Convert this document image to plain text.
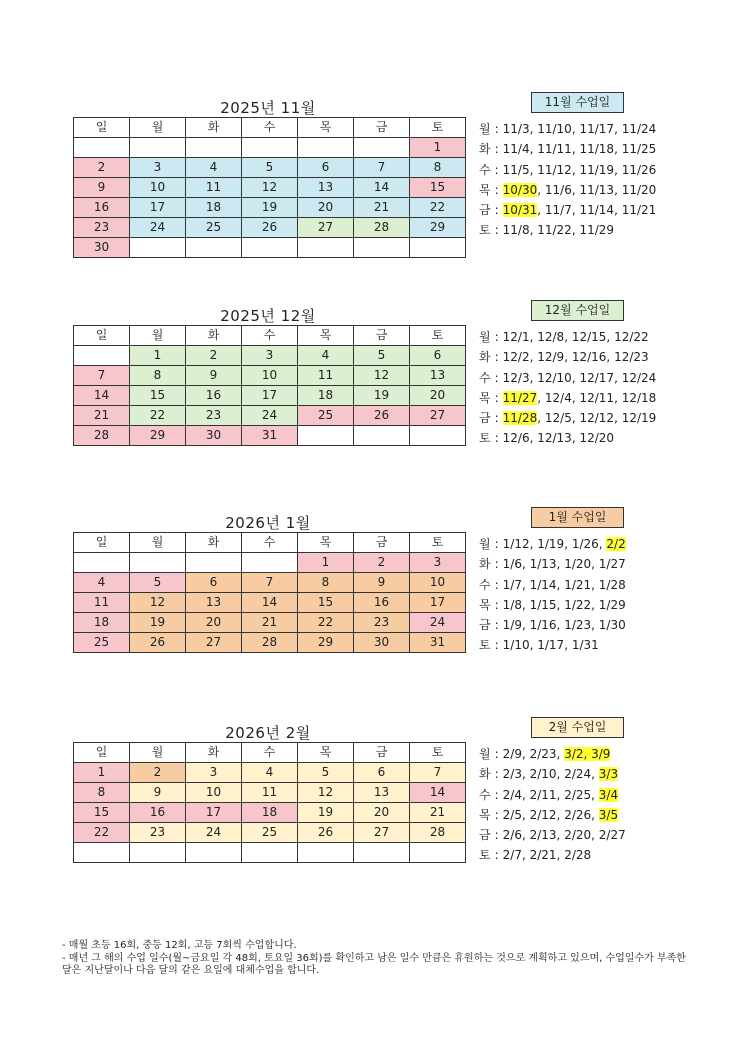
2025년 11월
일	월	화	수	목	금	토
						1
2	3	4	5	6	7	8
9	10	11	12	13	14	15
16	17	18	19	20	21	22
23	24	25	26	27	28	29
30						
11월 수업일
월 : 11/3, 11/10, 11/17, 11/24
화 : 11/4, 11/11, 11/18, 11/25
수 : 11/5, 11/12, 11/19, 11/26
목 : 10/30, 11/6, 11/13, 11/20
금 : 10/31, 11/7, 11/14, 11/21
토 : 11/8, 11/22, 11/29
2025년 12월
일	월	화	수	목	금	토
	1	2	3	4	5	6
7	8	9	10	11	12	13
14	15	16	17	18	19	20
21	22	23	24	25	26	27
28	29	30	31			
12월 수업일
월 : 12/1, 12/8, 12/15, 12/22
화 : 12/2, 12/9, 12/16, 12/23
수 : 12/3, 12/10, 12/17, 12/24
목 : 11/27, 12/4, 12/11, 12/18
금 : 11/28, 12/5, 12/12, 12/19
토 : 12/6, 12/13, 12/20
2026년 1월
일	월	화	수	목	금	토
				1	2	3
4	5	6	7	8	9	10
11	12	13	14	15	16	17
18	19	20	21	22	23	24
25	26	27	28	29	30	31
1월 수업일
월 : 1/12, 1/19, 1/26, 2/2
화 : 1/6, 1/13, 1/20, 1/27
수 : 1/7, 1/14, 1/21, 1/28
목 : 1/8, 1/15, 1/22, 1/29
금 : 1/9, 1/16, 1/23, 1/30
토 : 1/10, 1/17, 1/31
2026년 2월
일	월	화	수	목	금	토
1	2	3	4	5	6	7
8	9	10	11	12	13	14
15	16	17	18	19	20	21
22	23	24	25	26	27	28

2월 수업일
월 : 2/9, 2/23, 3/2, 3/9
화 : 2/3, 2/10, 2/24, 3/3
수 : 2/4, 2/11, 2/25, 3/4
목 : 2/5, 2/12, 2/26, 3/5
금 : 2/6, 2/13, 2/20, 2/27
토 : 2/7, 2/21, 2/28
- 매월 초등 16회, 중등 12회, 고등 7회씩 수업합니다.
- 매년 그 해의 수업 일수(월~금요일 각 48회, 토요일 36회)를 확인하고 남은 일수 만큼은 휴원하는 것으로 계획하고 있으며, 수업일수가 부족한 달은 지난달이나 다음 달의 같은 요일에 대체수업을 합니다.
